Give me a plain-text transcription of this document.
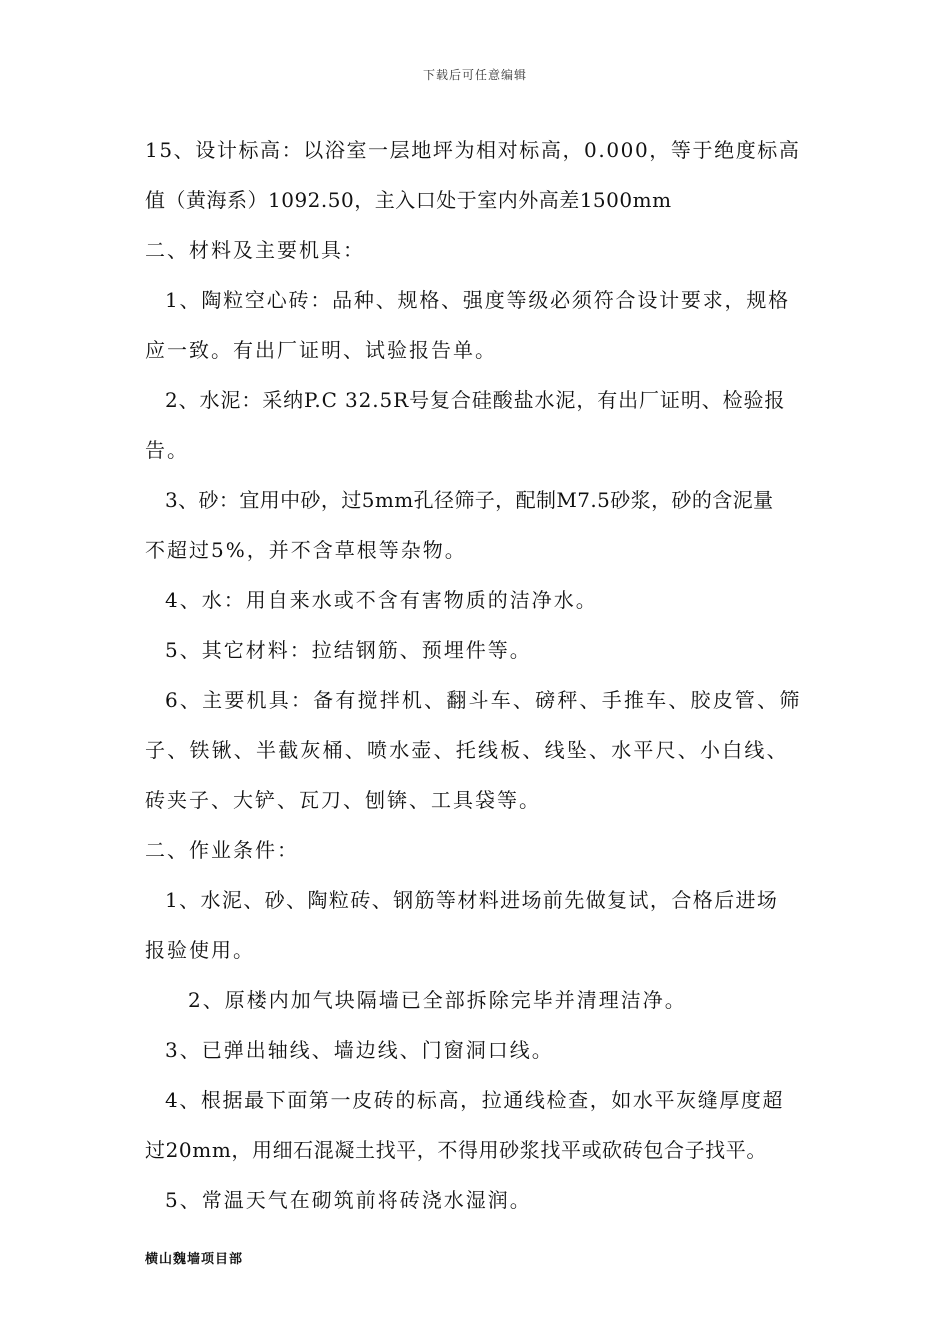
下载后可任意编辑
15、设计标高：以浴室一层地坪为相对标高，0.000，等于绝度标高
值（黄海系）1092.50，主入口处于室内外高差1500mm
二、材料及主要机具：
1、陶粒空心砖：品种、规格、强度等级必须符合设计要求，规格
应一致。有出厂证明、试验报告单。
2、水泥：采纳P.C 32.5R号复合硅酸盐水泥，有出厂证明、检验报
告。
3、砂：宜用中砂，过5mm孔径筛子，配制M7.5砂浆，砂的含泥量
不超过5%，并不含草根等杂物。
4、水：用自来水或不含有害物质的洁净水。
5、其它材料：拉结钢筋、预埋件等。
6、主要机具：备有搅拌机、翻斗车、磅秤、手推车、胶皮管、筛
子、铁锹、半截灰桶、喷水壶、托线板、线坠、水平尺、小白线、
砖夹子、大铲、瓦刀、刨锛、工具袋等。
二、作业条件：
1、水泥、砂、陶粒砖、钢筋等材料进场前先做复试，合格后进场
报验使用。
2、原楼内加气块隔墙已全部拆除完毕并清理洁净。
3、已弹出轴线、墙边线、门窗洞口线。
4、根据最下面第一皮砖的标高，拉通线检查，如水平灰缝厚度超
过20mm，用细石混凝土找平，不得用砂浆找平或砍砖包合子找平。
5、常温天气在砌筑前将砖浇水湿润。
横山魏墙项目部
